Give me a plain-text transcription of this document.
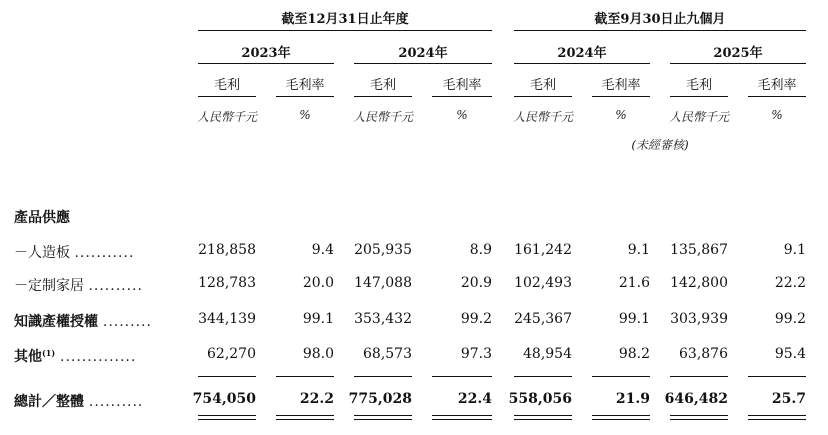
截至12月31日止年度	截至9月30日止九個月
2023年	2024年	2024年	2025年
毛利	毛利率	毛利	毛利率	毛利	毛利率	毛利	毛利率
人民幣千元	%	人民幣千元	%	人民幣千元	%	人民幣千元	%
(未經審核)
產品供應
－人造板 ...........	218,858	9.4	205,935	8.9	161,242	9.1	135,867	9.1
－定制家居 ..........	128,783	20.0	147,088	20.9	102,493	21.6	142,800	22.2
知識產權授權 .........	344,139	99.1	353,432	99.2	245,367	99.1	303,939	99.2
其他$^{(1)}$ ..............	62,270	98.0	68,573	97.3	48,954	98.2	63,876	95.4
總計／整體 ..........	754,050	22.2	775,028	22.4	558,056	21.9	646,482	25.7
